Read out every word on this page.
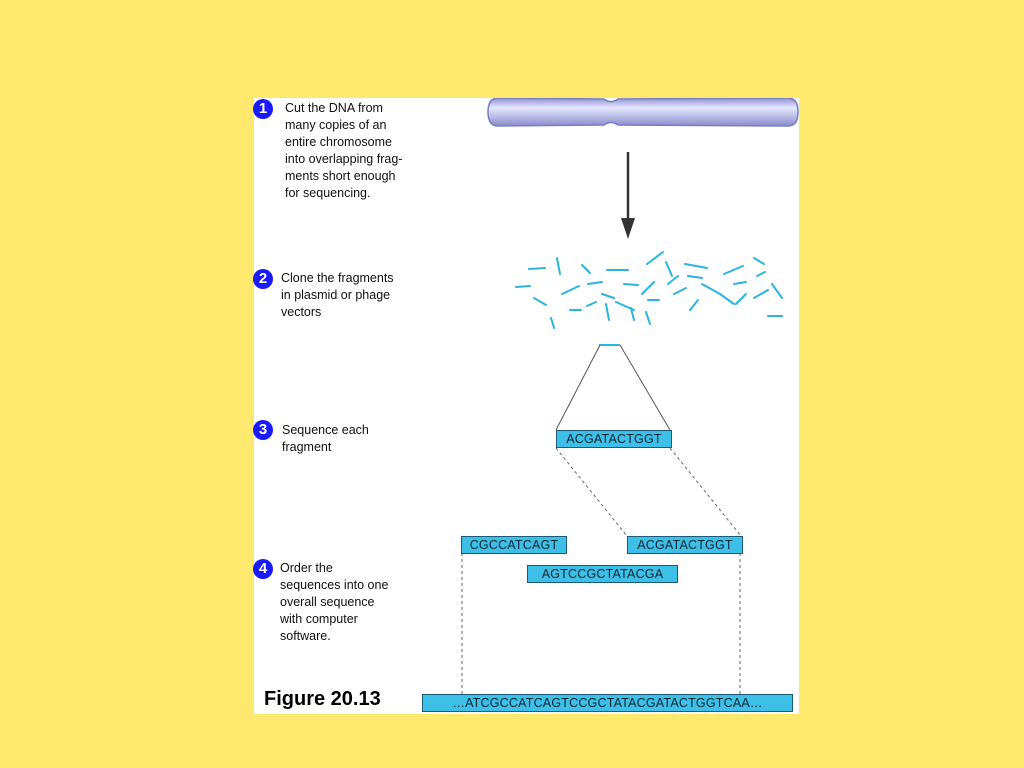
1	Cut the DNA from
many copies of an
entire chromosome
into overlapping frag-
ments short enough
for sequencing.
2	Clone the fragments
in plasmid or phage
vectors
3	Sequence each
fragment
4	Order the
sequences into one
overall sequence
with computer
software.
ACGATACTGGT
CGCCATCAGT	ACGATACTGGT
AGTCCGCTATACGA
…ATCGCCATCAGTCCGCTATACGATACTGGTCAA…
Figure 20.13
